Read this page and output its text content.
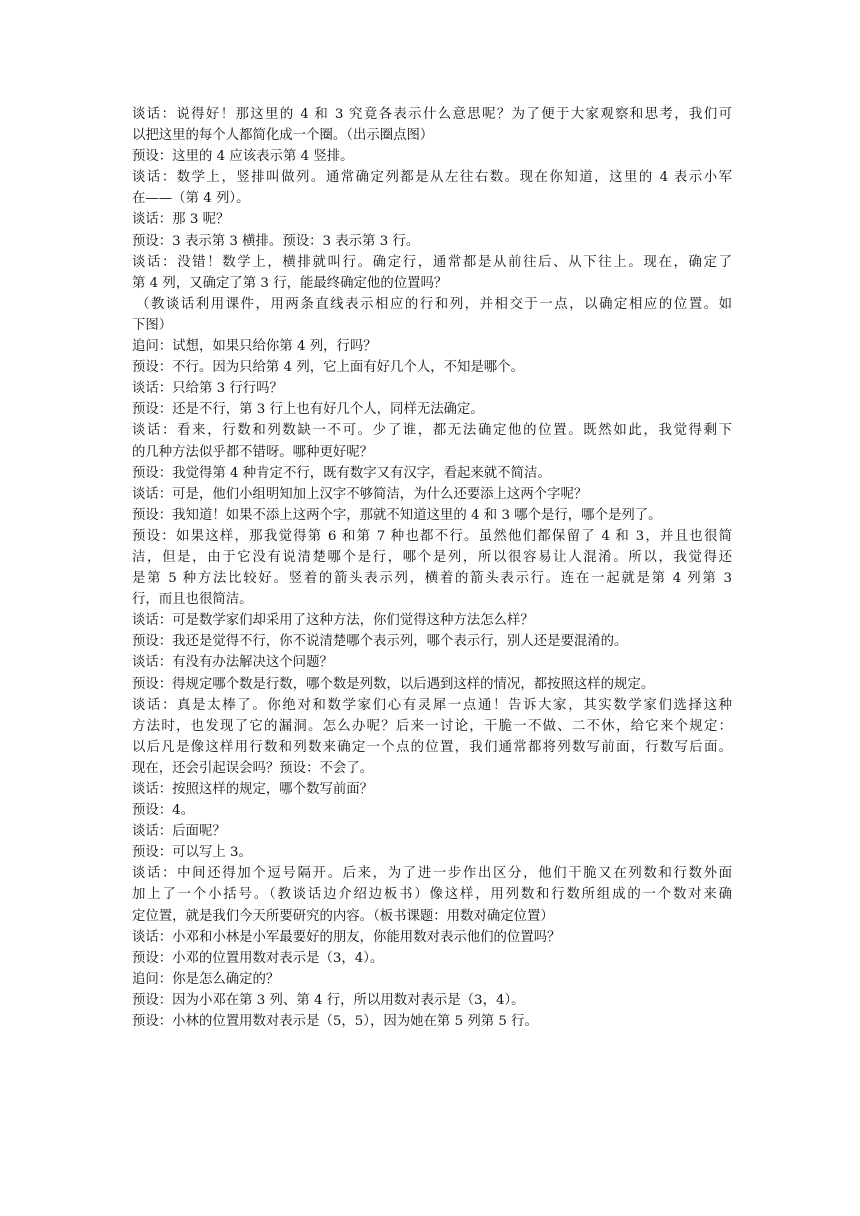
谈话：说得好！那这里的 4 和 3 究竟各表示什么意思呢？为了便于大家观察和思考，我们可
以把这里的每个人都简化成一个圈。（出示圈点图）
预设：这里的 4 应该表示第 4 竖排。
谈话：数学上，竖排叫做列。通常确定列都是从左往右数。现在你知道，这里的 4 表示小军
在——（第 4 列）。
谈话：那 3 呢？
预设：3 表示第 3 横排。预设：3 表示第 3 行。
谈话：没错！数学上，横排就叫行。确定行，通常都是从前往后、从下往上。现在，确定了
第 4 列，又确定了第 3 行，能最终确定他的位置吗？
（教谈话利用课件，用两条直线表示相应的行和列，并相交于一点，以确定相应的位置。如
下图）
追问：试想，如果只给你第 4 列，行吗？
预设：不行。因为只给第 4 列，它上面有好几个人，不知是哪个。
谈话：只给第 3 行行吗？
预设：还是不行，第 3 行上也有好几个人，同样无法确定。
谈话：看来，行数和列数缺一不可。少了谁，都无法确定他的位置。既然如此，我觉得剩下
的几种方法似乎都不错呀。哪种更好呢？
预设：我觉得第 4 种肯定不行，既有数字又有汉字，看起来就不简洁。
谈话：可是，他们小组明知加上汉字不够简洁，为什么还要添上这两个字呢？
预设：我知道！如果不添上这两个字，那就不知道这里的 4 和 3 哪个是行，哪个是列了。
预设：如果这样，那我觉得第 6 和第 7 种也都不行。虽然他们都保留了 4 和 3，并且也很简
洁，但是，由于它没有说清楚哪个是行，哪个是列，所以很容易让人混淆。所以，我觉得还
是第 5 种方法比较好。竖着的箭头表示列，横着的箭头表示行。连在一起就是第 4 列第 3
行，而且也很简洁。
谈话：可是数学家们却采用了这种方法，你们觉得这种方法怎么样？
预设：我还是觉得不行，你不说清楚哪个表示列，哪个表示行，别人还是要混淆的。
谈话：有没有办法解决这个问题？
预设：得规定哪个数是行数，哪个数是列数，以后遇到这样的情况，都按照这样的规定。
谈话：真是太棒了。你绝对和数学家们心有灵犀一点通！告诉大家，其实数学家们选择这种
方法时，也发现了它的漏洞。怎么办呢？后来一讨论，干脆一不做、二不休，给它来个规定：
以后凡是像这样用行数和列数来确定一个点的位置，我们通常都将列数写前面，行数写后面。
现在，还会引起误会吗？预设：不会了。
谈话：按照这样的规定，哪个数写前面？
预设：4。
谈话：后面呢？
预设：可以写上 3。
谈话：中间还得加个逗号隔开。后来，为了进一步作出区分，他们干脆又在列数和行数外面
加上了一个小括号。（教谈话边介绍边板书）像这样，用列数和行数所组成的一个数对来确
定位置，就是我们今天所要研究的内容。（板书课题：用数对确定位置）
谈话：小邓和小林是小军最要好的朋友，你能用数对表示他们的位置吗？
预设：小邓的位置用数对表示是（3，4）。
追问：你是怎么确定的？
预设：因为小邓在第 3 列、第 4 行，所以用数对表示是（3，4）。
预设：小林的位置用数对表示是（5，5），因为她在第 5 列第 5 行。
